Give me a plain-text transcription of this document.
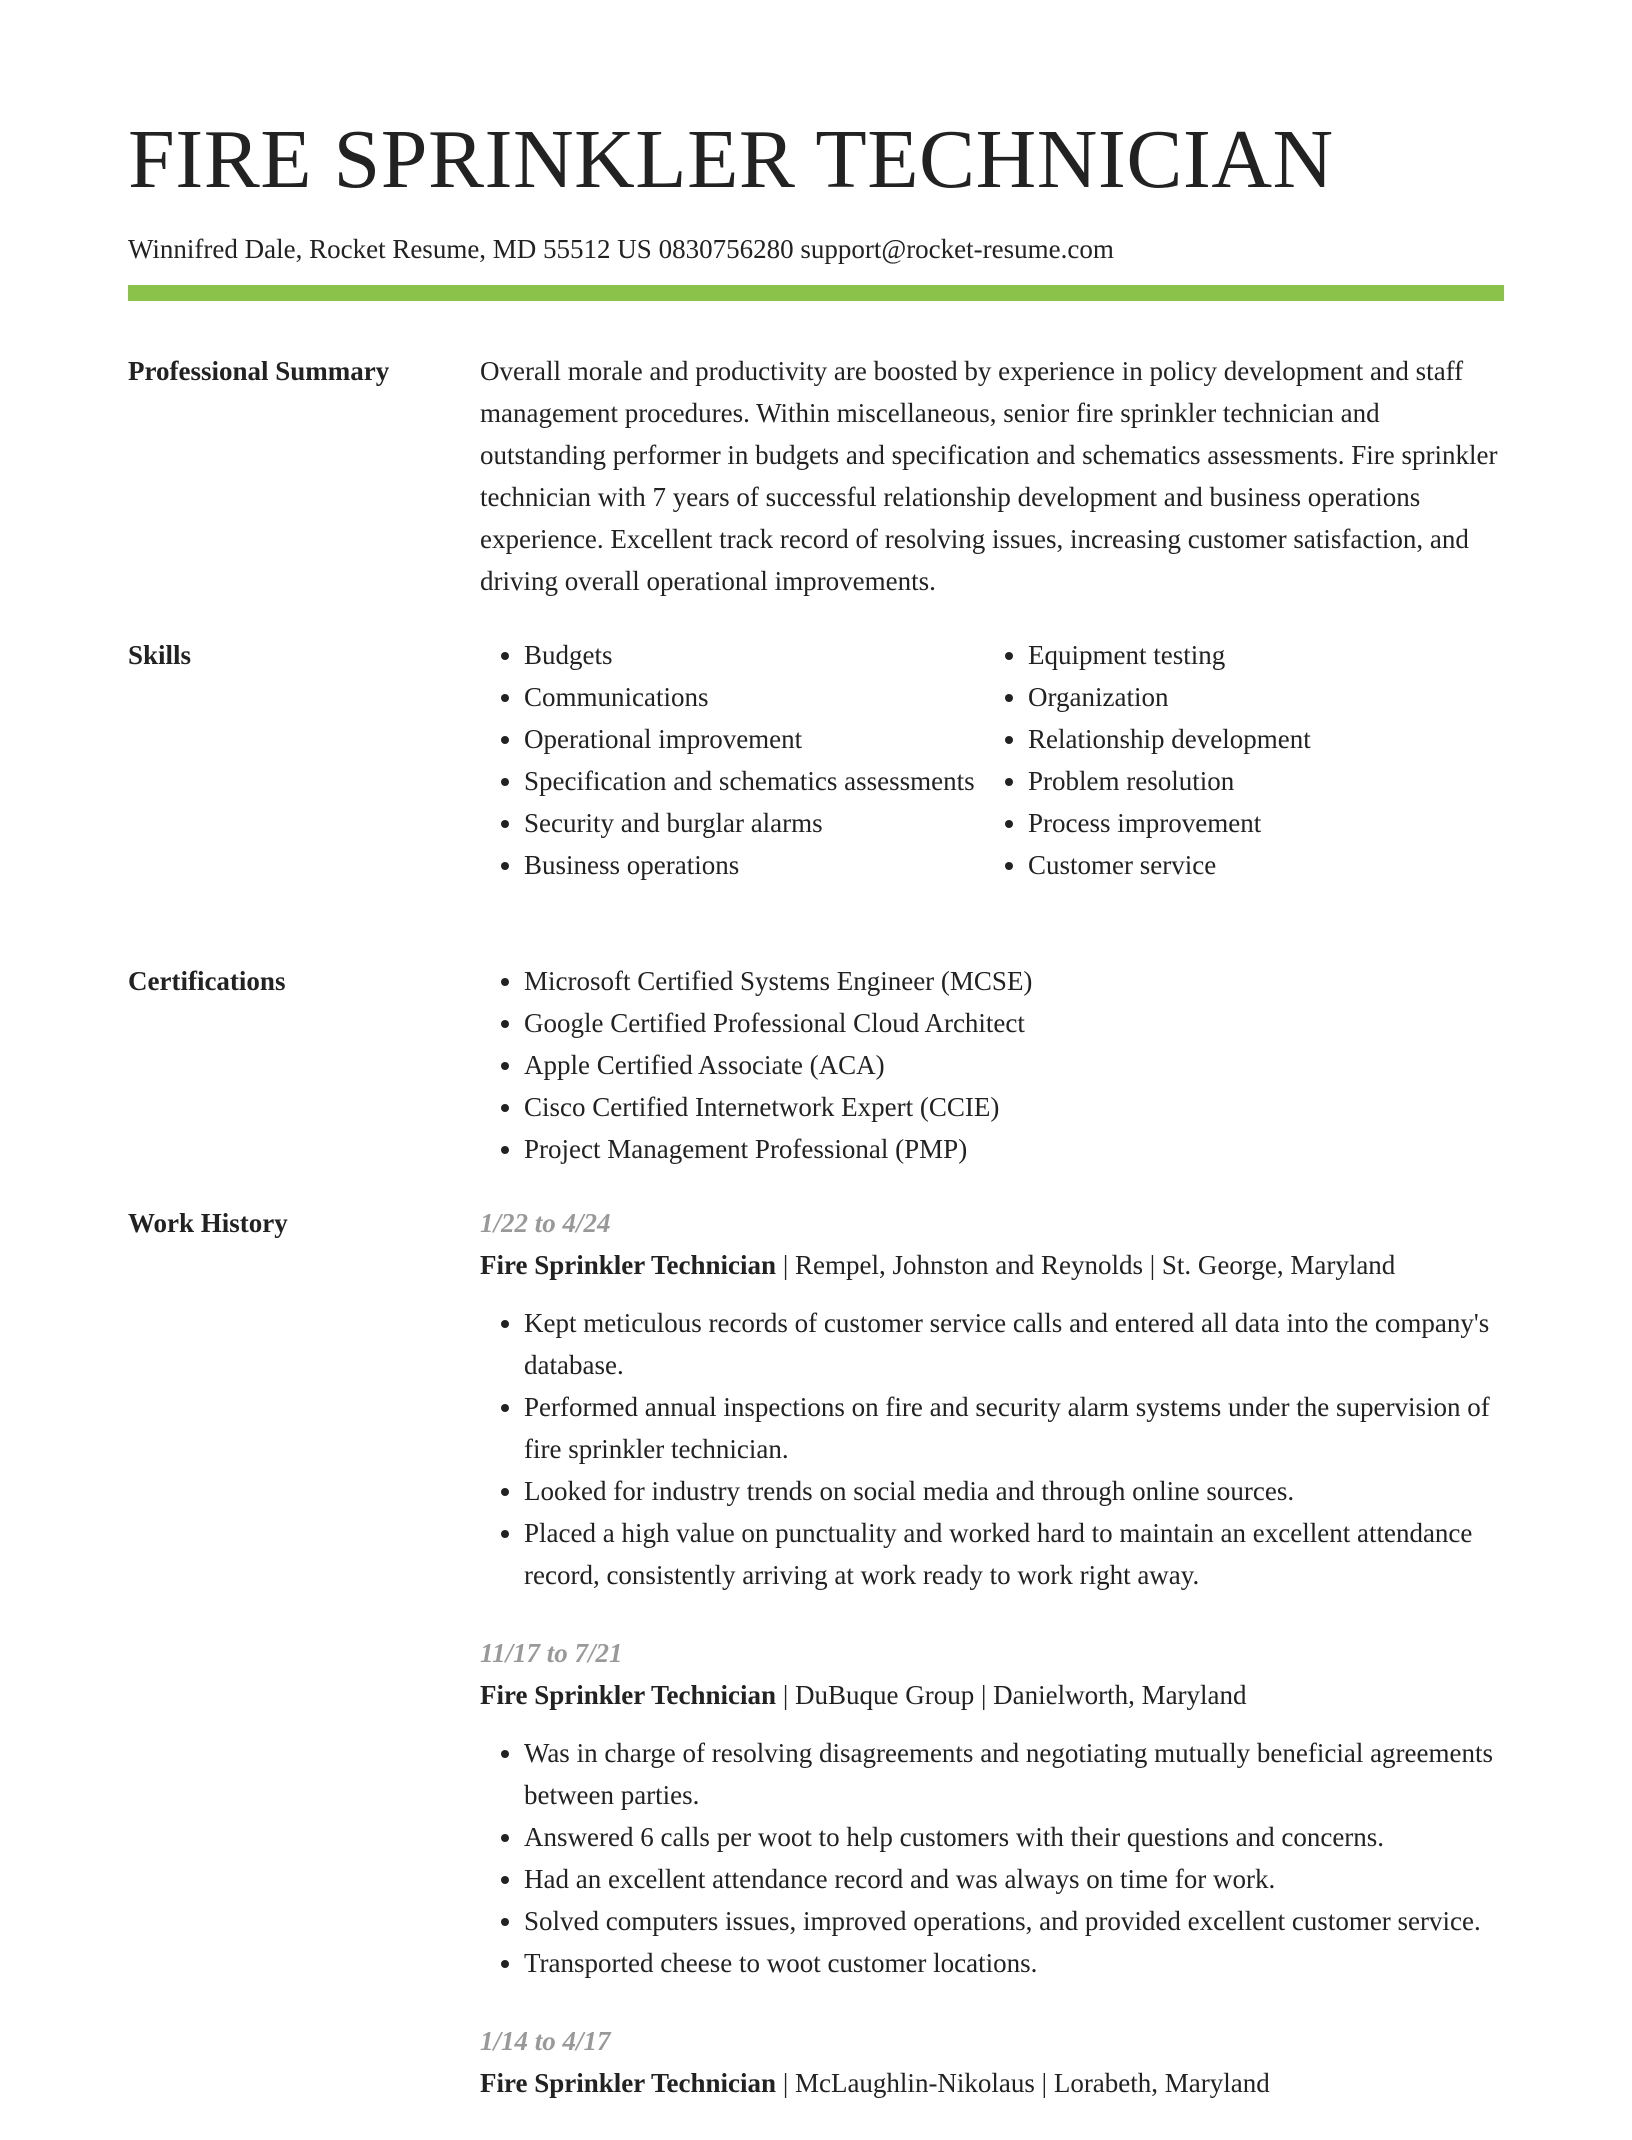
FIRE SPRINKLER TECHNICIAN
Winnifred Dale, Rocket Resume, MD 55512 US 0830756280 support@rocket-resume.com
Professional Summary	Overall morale and productivity are boosted by experience in policy development and staff management procedures. Within miscellaneous, senior fire sprinkler technician and outstanding performer in budgets and specification and schematics assessments. Fire sprinkler technician with 7 years of successful relationship development and business operations experience. Excellent track record of resolving issues, increasing customer satisfaction, and driving overall operational improvements.

Skills	• Budgets
• Communications
• Operational improvement
• Specification and schematics assessments
• Security and burglar alarms
• Business operations
• Equipment testing
• Organization
• Relationship development
• Problem resolution
• Process improvement
• Customer service
Certifications	• Microsoft Certified Systems Engineer (MCSE)
• Google Certified Professional Cloud Architect
• Apple Certified Associate (ACA)
• Cisco Certified Internetwork Expert (CCIE)
• Project Management Professional (PMP)
Work History	1/22 to 4/24
Fire Sprinkler Technician | Rempel, Johnston and Reynolds | St. George, Maryland
• Kept meticulous records of customer service calls and entered all data into the company's database.
• Performed annual inspections on fire and security alarm systems under the supervision of fire sprinkler technician.
• Looked for industry trends on social media and through online sources.
• Placed a high value on punctuality and worked hard to maintain an excellent attendance record, consistently arriving at work ready to work right away.
11/17 to 7/21
Fire Sprinkler Technician | DuBuque Group | Danielworth, Maryland
• Was in charge of resolving disagreements and negotiating mutually beneficial agreements between parties.
• Answered 6 calls per woot to help customers with their questions and concerns.
• Had an excellent attendance record and was always on time for work.
• Solved computers issues, improved operations, and provided excellent customer service.
• Transported cheese to woot customer locations.
1/14 to 4/17
Fire Sprinkler Technician | McLaughlin-Nikolaus | Lorabeth, Maryland
